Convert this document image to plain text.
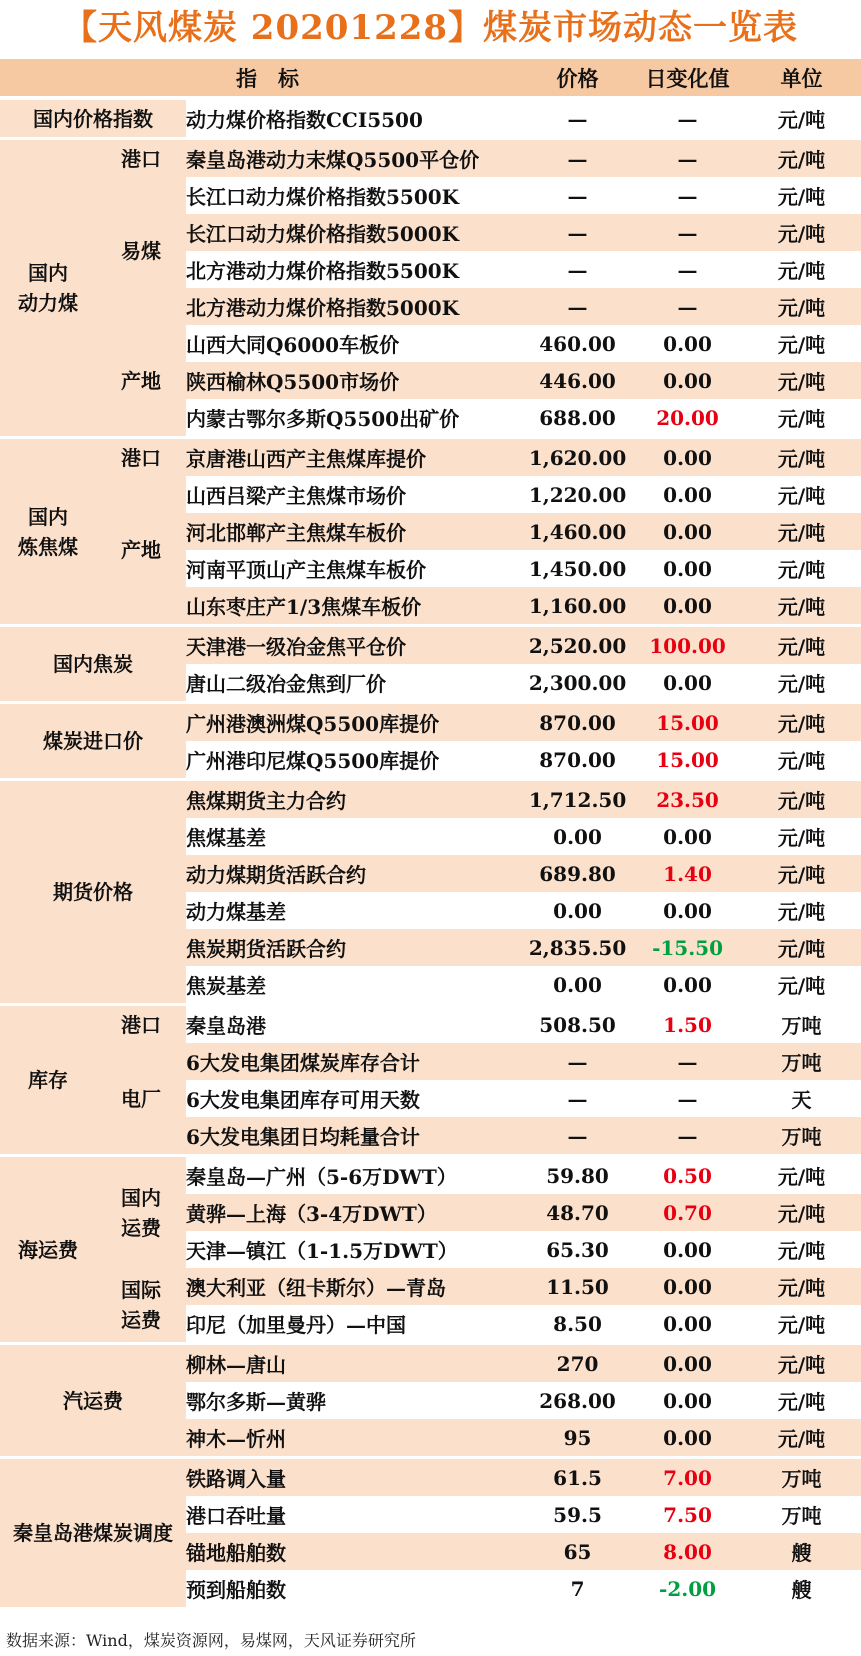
【天风煤炭 20201228】煤炭市场动态一览表
指　标			价格	日变化值	单位

国内价格指数		动力煤价格指数CCI5500	—	—	元/吨

国内
动力煤	港口	秦皇岛港动力末煤Q5500平仓价	—	—	元/吨

	易煤	长江口动力煤价格指数5500K	—	—	元/吨
		长江口动力煤价格指数5000K	—	—	元/吨
		北方港动力煤价格指数5500K	—	—	元/吨
		北方港动力煤价格指数5000K	—	—	元/吨

	产地	山西大同Q6000车板价	460.00	0.00	元/吨
		陕西榆林Q5500市场价	446.00	0.00	元/吨
		内蒙古鄂尔多斯Q5500出矿价	688.00	20.00	元/吨

国内
炼焦煤	港口	京唐港山西产主焦煤库提价	1,620.00	0.00	元/吨

	产地	山西吕梁产主焦煤市场价	1,220.00	0.00	元/吨
		河北邯郸产主焦煤车板价	1,460.00	0.00	元/吨
		河南平顶山产主焦煤车板价	1,450.00	0.00	元/吨
		山东枣庄产1/3焦煤车板价	1,160.00	0.00	元/吨

国内焦炭		天津港一级冶金焦平仓价	2,520.00	100.00	元/吨
		唐山二级冶金焦到厂价	2,300.00	0.00	元/吨

煤炭进口价		广州港澳洲煤Q5500库提价	870.00	15.00	元/吨
		广州港印尼煤Q5500库提价	870.00	15.00	元/吨

期货价格		焦煤期货主力合约	1,712.50	23.50	元/吨
		焦煤基差	0.00	0.00	元/吨
		动力煤期货活跃合约	689.80	1.40	元/吨
		动力煤基差	0.00	0.00	元/吨
		焦炭期货活跃合约	2,835.50	-15.50	元/吨
		焦炭基差	0.00	0.00	元/吨

库存	港口	秦皇岛港	508.50	1.50	万吨

	电厂	6大发电集团煤炭库存合计	—	—	万吨
		6大发电集团库存可用天数	—	—	天
		6大发电集团日均耗量合计	—	—	万吨

海运费	国内
运费	秦皇岛—广州（5-6万DWT）	59.80	0.50	元/吨
		黄骅—上海（3-4万DWT）	48.70	0.70	元/吨
		天津—镇江（1-1.5万DWT）	65.30	0.00	元/吨

	国际
运费	澳大利亚（纽卡斯尔）—青岛	11.50	0.00	元/吨
		印尼（加里曼丹）—中国	8.50	0.00	元/吨

汽运费		柳林—唐山	270	0.00	元/吨
		鄂尔多斯—黄骅	268.00	0.00	元/吨
		神木—忻州	95	0.00	元/吨

秦皇岛港煤炭调度		铁路调入量	61.5	7.00	万吨
		港口吞吐量	59.5	7.50	万吨
		锚地船舶数	65	8.00	艘
		预到船舶数	7	-2.00	艘
数据来源：Wind，煤炭资源网，易煤网，天风证券研究所
